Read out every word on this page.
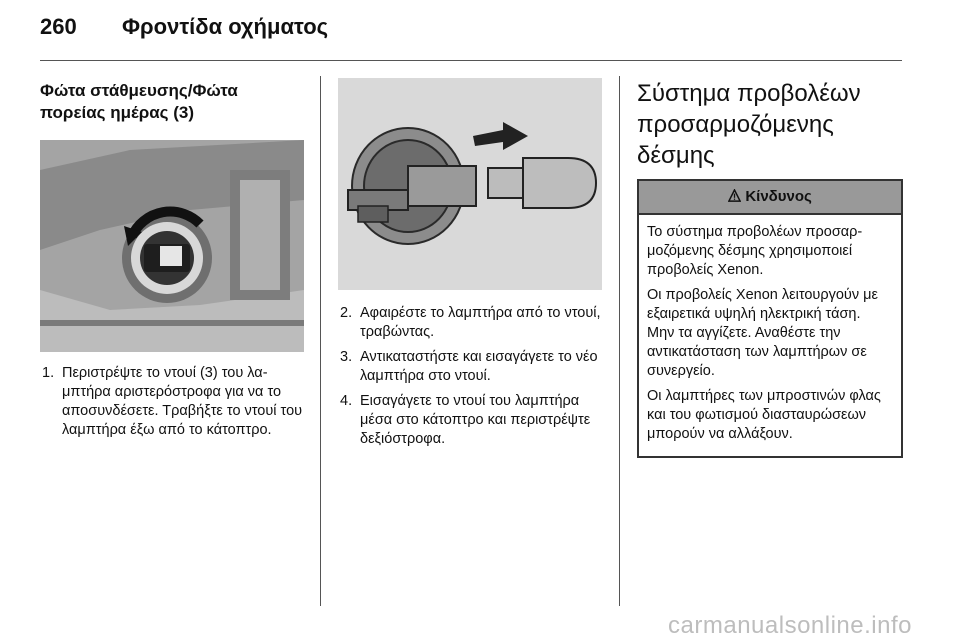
260 Φροντίδα οχήματος
Φώτα στάθμευσης/Φώτα πορείας ημέρας (3)
1. Περιστρέψτε το ντουί (3) του λαμπτήρα αριστερόστροφα για να το αποσυνδέσετε. Τραβήξτε το ντουί του λαμπτήρα έξω από το κάτοπτρο.
2. Αφαιρέστε το λαμπτήρα από το ντουί, τραβώντας.
3. Αντικαταστήστε και εισαγάγετε το νέο λαμπτήρα στο ντουί.
4. Εισαγάγετε το ντουί του λαμπτήρα μέσα στο κάτοπτρο και περιστρέψτε δεξιόστροφα.
Σύστημα προβολέων προσαρμοζόμενης δέσμης
Κίνδυνος

Το σύστημα προβολέων προσαρμοζόμενης δέσμης χρησιμοποιεί προβολείς Xenon.

Οι προβολείς Xenon λειτουργούν με εξαιρετικά υψηλή ηλεκτρική τάση. Μην τα αγγίζετε. Αναθέστε την αντικατάσταση των λαμπτήρων σε συνεργείο.

Οι λαμπτήρες των μπροστινών φλας και του φωτισμού διασταυρώσεων μπορούν να αλλάξουν.

carmanualsonline.info
